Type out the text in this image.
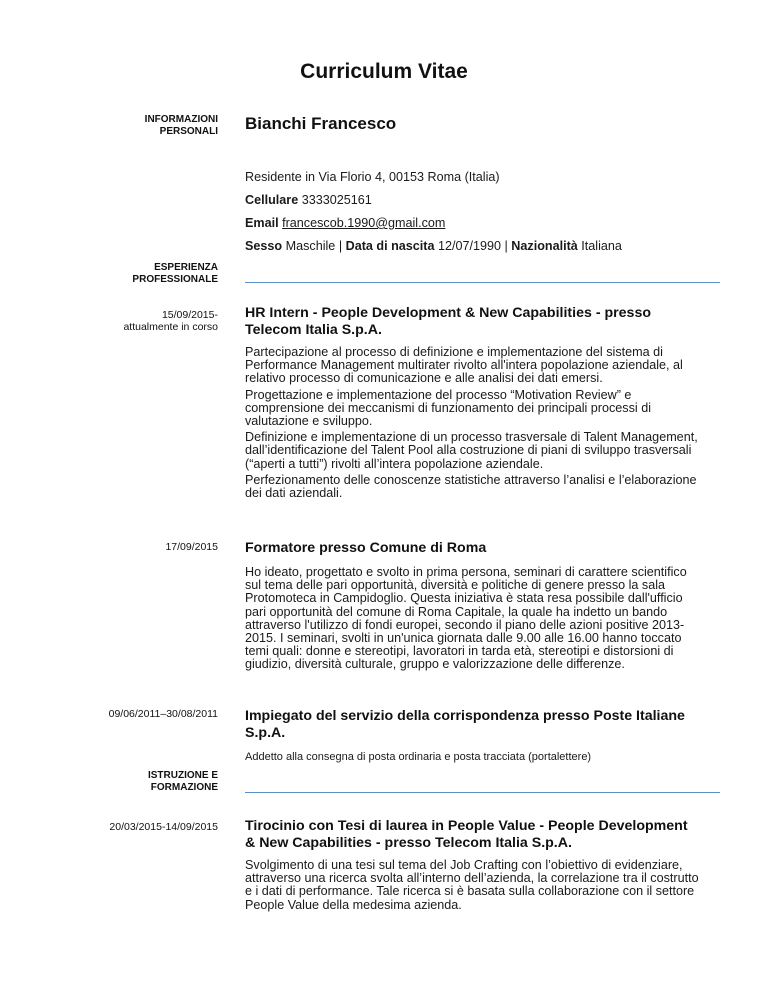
Curriculum Vitae
INFORMAZIONI PERSONALI Bianchi Francesco
Residente in Via Florio 4, 00153 Roma (Italia)
Cellulare 3333025161
Email francescob.1990@gmail.com
Sesso Maschile | Data di nascita 12/07/1990 | Nazionalità Italiana
ESPERIENZA PROFESSIONALE
15/09/2015-attualmente in corso
HR Intern - People Development & New Capabilities - presso Telecom Italia S.p.A.

Partecipazione al processo di definizione e implementazione del sistema di Performance Management multirater rivolto all'intera popolazione aziendale, al relativo processo di comunicazione e alle analisi dei dati emersi.

Progettazione e implementazione del processo “Motivation Review” e comprensione dei meccanismi di funzionamento dei principali processi di valutazione e sviluppo.

Definizione e implementazione di un processo trasversale di Talent Management, dall’identificazione del Talent Pool alla costruzione di piani di sviluppo trasversali (“aperti a tutti”) rivolti all’intera popolazione aziendale.

Perfezionamento delle conoscenze statistiche attraverso l’analisi e l’elaborazione dei dati aziendali.

17/09/2015 Formatore presso Comune di Roma

Ho ideato, progettato e svolto in prima persona, seminari di carattere scientifico sul tema delle pari opportunità, diversità e politiche di genere presso la sala Protomoteca in Campidoglio. Questa iniziativa è stata resa possibile dall'ufficio pari opportunità del comune di Roma Capitale, la quale ha indetto un bando attraverso l'utilizzo di fondi europei, secondo il piano delle azioni positive 2013-2015. I seminari, svolti in un'unica giornata dalle 9.00 alle 16.00 hanno toccato temi quali: donne e stereotipi, lavoratori in tarda età, stereotipi e distorsioni di giudizio, diversità culturale, gruppo e valorizzazione delle differenze.

09/06/2011–30/08/2011 Impiegato del servizio della corrispondenza presso Poste Italiane S.p.A.

Addetto alla consegna di posta ordinaria e posta tracciata (portalettere)

ISTRUZIONE E FORMAZIONE
20/03/2015-14/09/2015 Tirocinio con Tesi di laurea in People Value - People Development & New Capabilities - presso Telecom Italia S.p.A.

Svolgimento di una tesi sul tema del Job Crafting con l’obiettivo di evidenziare, attraverso una ricerca svolta all’interno dell’azienda, la correlazione tra il costrutto e i dati di performance. Tale ricerca si è basata sulla collaborazione con il settore People Value della medesima azienda.
